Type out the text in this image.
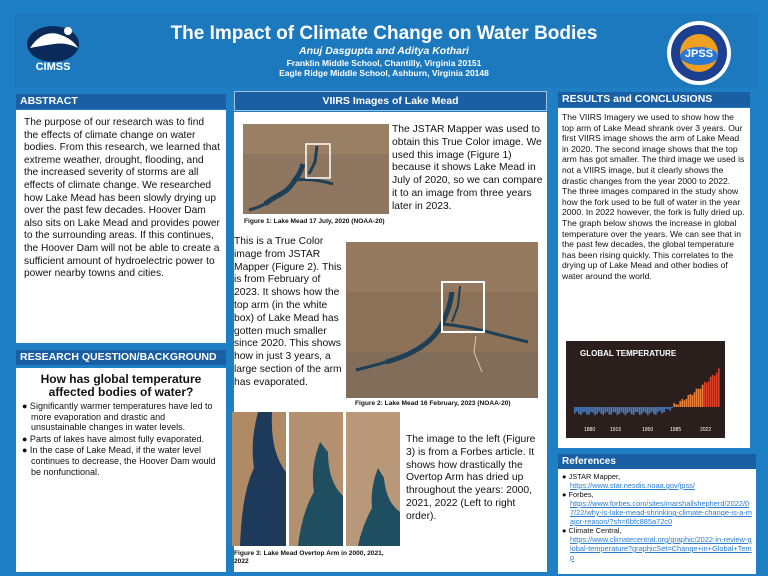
CIMSS
JPSS
The Impact of Climate Change on Water Bodies
Anuj Dasgupta and Aditya Kothari
Franklin Middle School, Chantilly, Virginia 20151
Eagle Ridge Middle School, Ashburn, Virginia 20148
ABSTRACT
The purpose of our research was to find the effects of climate change on water bodies. From this research, we learned that extreme weather, drought, flooding, and the increased severity of storms are all effects of climate change. We researched how Lake Mead has been slowly drying up over the past few decades. Hoover Dam also sits on Lake Mead and provides power to the surrounding areas. If this continues, the Hoover Dam will not be able to create a sufficient amount of hydroelectric power to power nearby towns and cities.
RESEARCH QUESTION/BACKGROUND
How has global temperature affected bodies of water?
● Significantly warmer temperatures have led to more evaporation and drastic and unsustainable changes in water levels.
● Parts of lakes have almost fully evaporated.
● In the case of Lake Mead, if the water level continues to decrease, the Hoover Dam would be nonfunctional.
VIIRS Images of Lake Mead
Figure 1: Lake Mead 17 July, 2020 (NOAA-20)
The JSTAR Mapper was used to obtain this True Color image. We used this image (Figure 1) because it shows Lake Mead in July of 2020, so we can compare it to an image from three years later in 2023.
This is a True Color image from JSTAR Mapper (Figure 2). This is from February of 2023. It shows how the top arm (in the white box) of Lake Mead has gotten much smaller since 2020. This shows how in just 3 years, a large section of the arm has evaporated.
Figure 2: Lake Mead 16 February, 2023 (NOAA-20)
Figure 3: Lake Mead Overtop Arm in 2000, 2021, 2022
The image to the left (Figure 3) is from a Forbes article. It shows how drastically the Overtop Arm has dried up throughout the years: 2000, 2021, 2022 (Left to right order).
RESULTS and CONCLUSIONS
The VIIRS Imagery we used to show how the top arm of Lake Mead shrank over 3 years. Our first VIIRS image shows the arm of Lake Mead in 2020. The second image shows that the top arm has got smaller. The third image we used is not a VIIRS image, but it clearly shows the drastic changes from the year 2000 to 2022. The three images compared in the study show how the fork used to be full of water in the year 2000. In 2022 however, the fork is fully dried up. The graph below shows the increase in global temperature over the years. We can see that in the past few decades, the global temperature has been rising quickly. This correlates to the drying up of Lake Mead and other bodies of water around the world.
GLOBAL TEMPERATURE
1880	1915	1950	1985	2022
References
● JSTAR Mapper,
https://www.star.nesdis.noaa.gov/jpss/
● Forbes,
https://www.forbes.com/sites/marshallshepherd/2022/07/22/why-is-lake-mead-shrinking-climate-change-is-a-major-reason/?sh=6bfc885a72c0
● Climate Central,
https://www.climatecentral.org/graphic/2022-in-review-global-temperature?graphicSet=Change+in+Global+Temp
